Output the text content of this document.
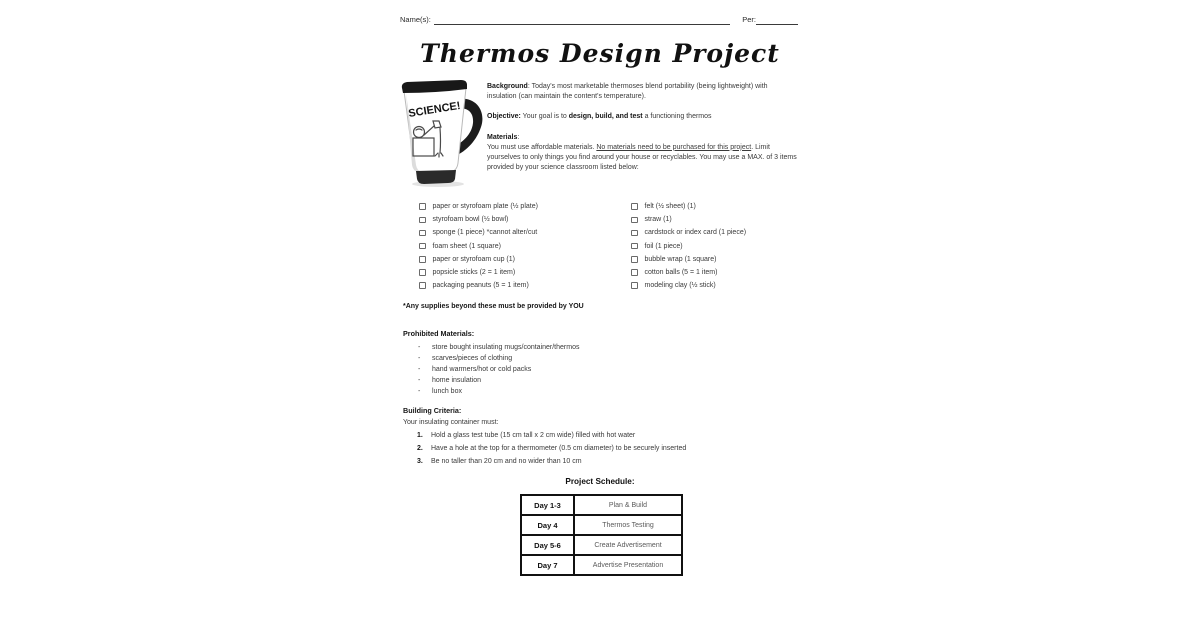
Name(s):	Per:
Thermos Design Project
SCIENCE!

Background: Today's most marketable thermoses blend portability (being lightweight) with insulation (can maintain the content's temperature).

Objective: Your goal is to design, build, and test a functioning thermos

Materials:
You must use affordable materials. No materials need to be purchased for this project. Limit yourselves to only things you find around your house or recyclables. You may use a MAX. of 3 items provided by your science classroom listed below:

paper or styrofoam plate (½ plate)
styrofoam bowl (½ bowl)
sponge (1 piece) *cannot alter/cut
foam sheet (1 square)
paper or styrofoam cup (1)
popsicle sticks (2 = 1 item)
packaging peanuts (5 = 1 item)
felt (½ sheet) (1)
straw (1)
cardstock or index card (1 piece)
foil (1 piece)
bubble wrap (1 square)
cotton balls (5 = 1 item)
modeling clay (½ stick)
*Any supplies beyond these must be provided by YOU
Prohibited Materials:
-	store bought insulating mugs/container/thermos
-	scarves/pieces of clothing
-	hand warmers/hot or cold packs
-	home insulation
-	lunch box
Building Criteria:
Your insulating container must:
1.	Hold a glass test tube (15 cm tall x 2 cm wide) filled with hot water
2.	Have a hole at the top for a thermometer (0.5 cm diameter) to be securely inserted
3.	Be no taller than 20 cm and no wider than 10 cm
Project Schedule:
Day 1-3	Plan & Build
Day 4	Thermos Testing
Day 5-6	Create Advertisement
Day 7	Advertise Presentation
